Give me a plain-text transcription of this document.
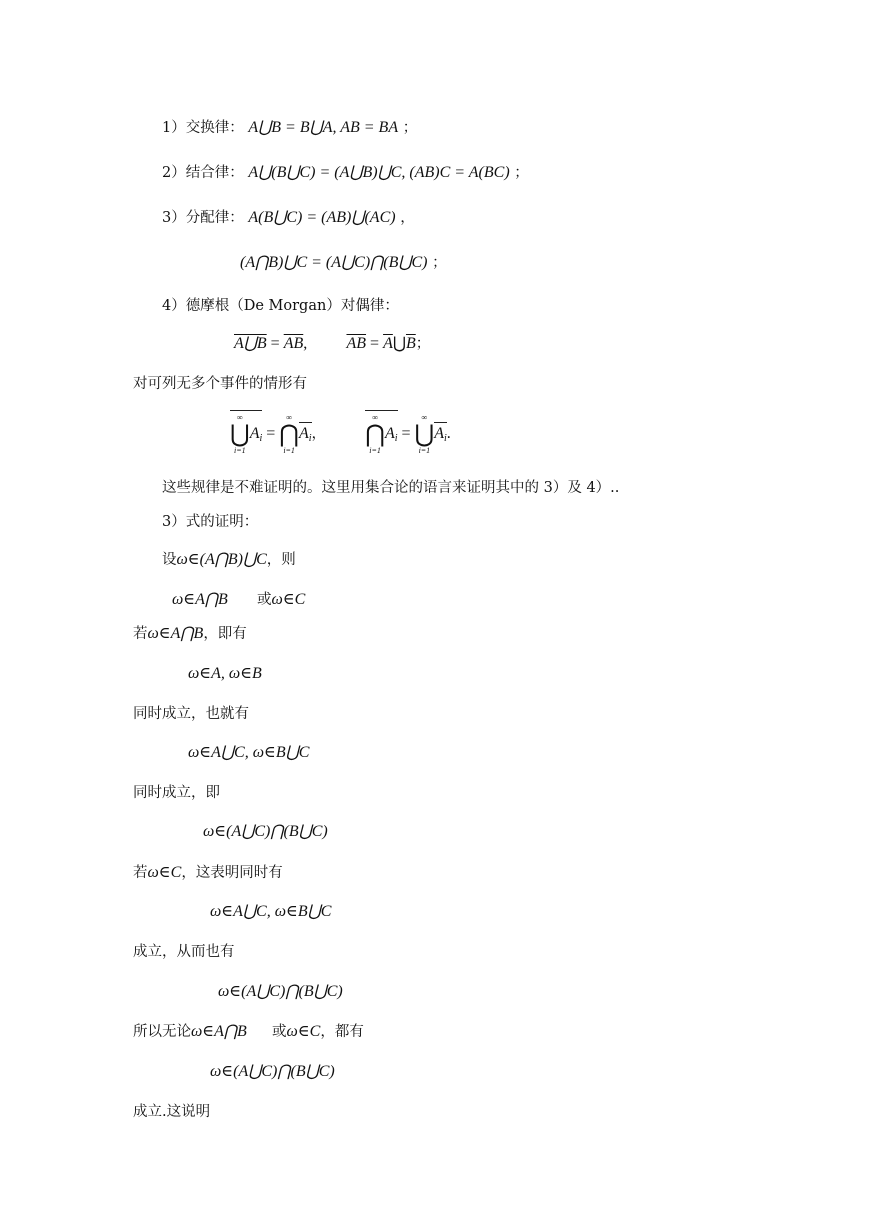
1）交换律： A⋃B = B⋃A, AB = BA ；
2）结合律： A⋃(B⋃C) = (A⋃B)⋃C, (AB)C = A(BC) ；
3）分配律： A(B⋃C) = (AB)⋃(AC) ，
(A⋂B)⋃C = (A⋃C)⋂(B⋃C) ；
4）德摩根（De Morgan）对偶律：
A⋃B = $\overline{A}\overline{B}$, $\overline{AB}$ = $\overline{A}⋃\overline{B}$；
对可列无多个事件的情形有
∞
⋃
i=1
$A_i$ =
∞
⋂
i=1
$A_i$，
∞
⋂
i=1
$A_i$ =
∞
⋃
i=1
$A_i$.
这些规律是不难证明的。这里用集合论的语言来证明其中的 3）及 4）..
3）式的证明：
设ω∈(A⋂B)⋃C，则
ω∈A⋂B 或ω∈C
若ω∈A⋂B，即有
ω∈A, ω∈B
同时成立，也就有
ω∈A⋃C, ω∈B⋃C
同时成立，即
ω∈(A⋃C)⋂(B⋃C)
若ω∈C，这表明同时有
ω∈A⋃C, ω∈B⋃C
成立，从而也有
ω∈(A⋃C)⋂(B⋃C)
所以无论ω∈A⋂B 或ω∈C，都有
ω∈(A⋃C)⋂(B⋃C)
成立.这说明
